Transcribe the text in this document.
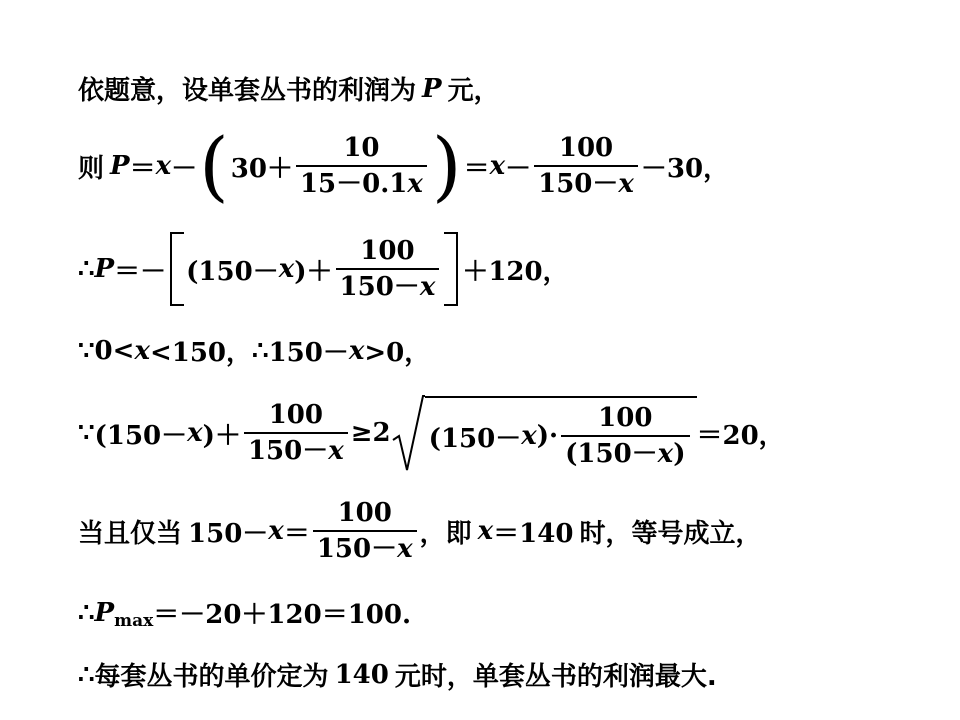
依题意，设单套丛书的利润为 P 元，
则 P ＝ x － ( $30+ \frac{10}{15-0.1x}$ ) ＝ $x - \frac{100}{150-x} -30$，
∴ P ＝－ (150－ x )＋ $\frac{100}{150-x} +120$，
∵ 0< x <150， ∴ 150－ x >0，
∵ (150－ x )＋ $\frac{100}{150-x} \ge 2$ (150－ x )· $\frac{100}{(150-x)} =20$，
当且仅当 $150- x = \frac{100}{150-x}$ ，即 x ＝140 时，等号成立，
∴ P max ＝－20＋120＝100.
∴ 每套丛书的单价定为 140 元时，单套丛书的利润最大.
